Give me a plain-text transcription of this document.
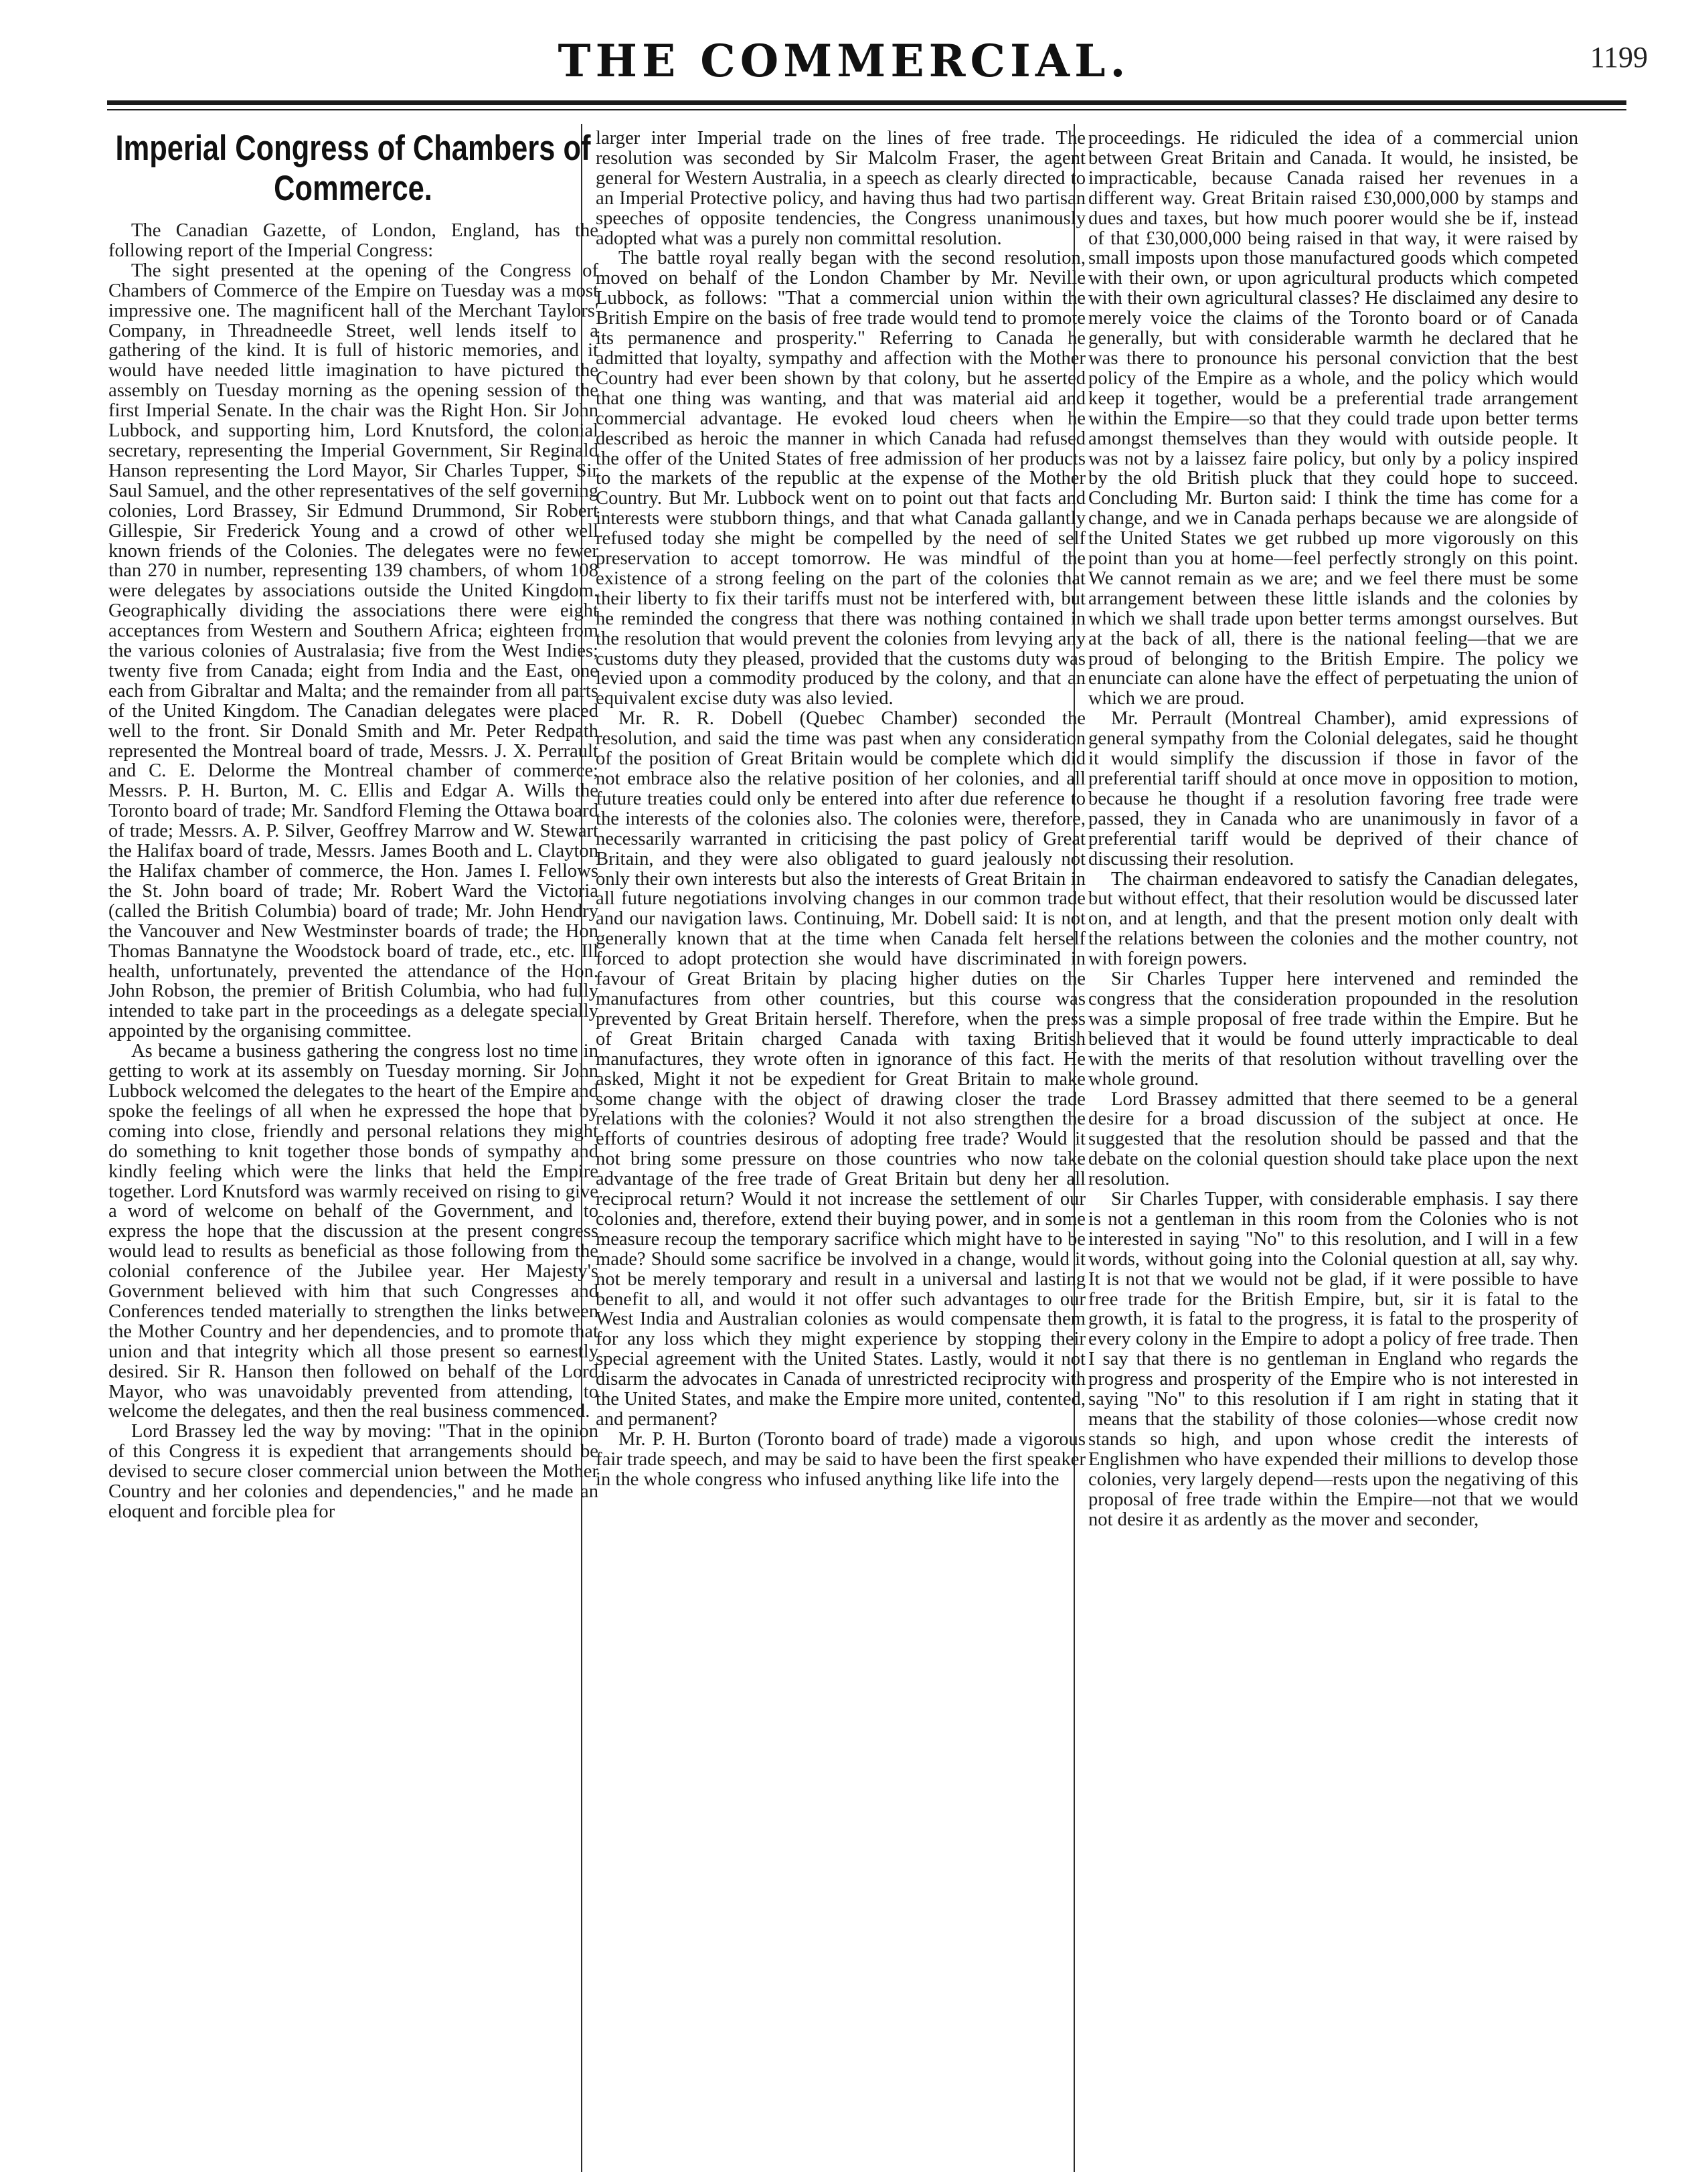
THE COMMERCIAL.	1199
Imperial Congress of Chambers of Commerce.

The Canadian Gazette, of London, England, has the following report of the Imperial Congress:

The sight presented at the opening of the Congress of Chambers of Commerce of the Empire on Tuesday was a most impressive one. The magnificent hall of the Merchant Taylors' Company, in Threadneedle Street, well lends itself to a gathering of the kind. It is full of historic memories, and it would have needed little imagination to have pictured the assembly on Tuesday morning as the opening session of the first Imperial Senate. In the chair was the Right Hon. Sir John Lubbock, and supporting him, Lord Knutsford, the colonial secretary, representing the Imperial Government, Sir Reginald Hanson representing the Lord Mayor, Sir Charles Tupper, Sir Saul Samuel, and the other representatives of the self governing colonies, Lord Brassey, Sir Edmund Drummond, Sir Robert Gillespie, Sir Frederick Young and a crowd of other well known friends of the Colonies. The delegates were no fewer than 270 in number, representing 139 chambers, of whom 108 were delegates by associations outside the United Kingdom. Geographically dividing the associations there were eight acceptances from Western and Southern Africa; eighteen from the various colonies of Australasia; five from the West Indies; twenty five from Canada; eight from India and the East, one each from Gibraltar and Malta; and the remainder from all parts of the United Kingdom. The Canadian delegates were placed well to the front. Sir Donald Smith and Mr. Peter Redpath represented the Montreal board of trade, Messrs. J. X. Perrault and C. E. Delorme the Montreal chamber of commerce; Messrs. P. H. Burton, M. C. Ellis and Edgar A. Wills the Toronto board of trade; Mr. Sandford Fleming the Ottawa board of trade; Messrs. A. P. Silver, Geoffrey Marrow and W. Stewart the Halifax board of trade, Messrs. James Booth and L. Clayton the Halifax chamber of commerce, the Hon. James I. Fellows the St. John board of trade; Mr. Robert Ward the Victoria (called the British Columbia) board of trade; Mr. John Hendry the Vancouver and New Westminster boards of trade; the Hon Thomas Bannatyne the Woodstock board of trade, etc., etc. Ill health, unfortunately, prevented the attendance of the Hon. John Robson, the premier of British Columbia, who had fully intended to take part in the proceedings as a delegate specially appointed by the organising committee.

As became a business gathering the congress lost no time in getting to work at its assembly on Tuesday morning. Sir John Lubbock welcomed the delegates to the heart of the Empire and spoke the feelings of all when he expressed the hope that by coming into close, friendly and personal relations they might do something to knit together those bonds of sympathy and kindly feeling which were the links that held the Empire together. Lord Knutsford was warmly received on rising to give a word of welcome on behalf of the Government, and to express the hope that the discussion at the present congress would lead to results as beneficial as those following from the colonial conference of the Jubilee year. Her Majesty's Government believed with him that such Congresses and Conferences tended materially to strengthen the links between the Mother Country and her dependencies, and to promote that union and that integrity which all those present so earnestly desired. Sir R. Hanson then followed on behalf of the Lord Mayor, who was unavoidably prevented from attending, to welcome the delegates, and then the real business commenced.

Lord Brassey led the way by moving: "That in the opinion of this Congress it is expedient that arrangements should be devised to secure closer commercial union between the Mother Country and her colonies and dependencies," and he made an eloquent and forcible plea for

larger inter Imperial trade on the lines of free trade. The resolution was seconded by Sir Malcolm Fraser, the agent general for Western Australia, in a speech as clearly directed to an Imperial Protective policy, and having thus had two partisan speeches of opposite tendencies, the Congress unanimously adopted what was a purely non committal resolution.

The battle royal really began with the second resolution, moved on behalf of the London Chamber by Mr. Neville Lubbock, as follows: "That a commercial union within the British Empire on the basis of free trade would tend to promote its permanence and prosperity." Referring to Canada he admitted that loyalty, sympathy and affection with the Mother Country had ever been shown by that colony, but he asserted that one thing was wanting, and that was material aid and commercial advantage. He evoked loud cheers when he described as heroic the manner in which Canada had refused the offer of the United States of free admission of her products to the markets of the republic at the expense of the Mother Country. But Mr. Lubbock went on to point out that facts and interests were stubborn things, and that what Canada gallantly refused today she might be compelled by the need of self preservation to accept tomorrow. He was mindful of the existence of a strong feeling on the part of the colonies that their liberty to fix their tariffs must not be interfered with, but he reminded the congress that there was nothing contained in the resolution that would prevent the colonies from levying any customs duty they pleased, provided that the customs duty was levied upon a commodity produced by the colony, and that an equivalent excise duty was also levied.

Mr. R. R. Dobell (Quebec Chamber) seconded the resolution, and said the time was past when any consideration of the position of Great Britain would be complete which did not embrace also the relative position of her colonies, and all future treaties could only be entered into after due reference to the interests of the colonies also. The colonies were, therefore, necessarily warranted in criticising the past policy of Great Britain, and they were also obligated to guard jealously not only their own interests but also the interests of Great Britain in all future negotiations involving changes in our common trade and our navigation laws. Continuing, Mr. Dobell said: It is not generally known that at the time when Canada felt herself forced to adopt protection she would have discriminated in favour of Great Britain by placing higher duties on the manufactures from other countries, but this course was prevented by Great Britain herself. Therefore, when the press of Great Britain charged Canada with taxing British manufactures, they wrote often in ignorance of this fact. He asked, Might it not be expedient for Great Britain to make some change with the object of drawing closer the trade relations with the colonies? Would it not also strengthen the efforts of countries desirous of adopting free trade? Would it not bring some pressure on those countries who now take advantage of the free trade of Great Britain but deny her all reciprocal return? Would it not increase the settlement of our colonies and, therefore, extend their buying power, and in some measure recoup the temporary sacrifice which might have to be made? Should some sacrifice be involved in a change, would it not be merely temporary and result in a universal and lasting benefit to all, and would it not offer such advantages to our West India and Australian colonies as would compensate them for any loss which they might experience by stopping their special agreement with the United States. Lastly, would it not disarm the advocates in Canada of unrestricted reciprocity with the United States, and make the Empire more united, contented, and permanent?

Mr. P. H. Burton (Toronto board of trade) made a vigorous fair trade speech, and may be said to have been the first speaker in the whole congress who infused anything like life into the

proceedings. He ridiculed the idea of a commercial union between Great Britain and Canada. It would, he insisted, be impracticable, because Canada raised her revenues in a different way. Great Britain raised £30,000,000 by stamps and dues and taxes, but how much poorer would she be if, instead of that £30,000,000 being raised in that way, it were raised by small imposts upon those manufactured goods which competed with their own, or upon agricultural products which competed with their own agricultural classes? He disclaimed any desire to merely voice the claims of the Toronto board or of Canada generally, but with considerable warmth he declared that he was there to pronounce his personal conviction that the best policy of the Empire as a whole, and the policy which would keep it together, would be a preferential trade arrangement within the Empire—so that they could trade upon better terms amongst themselves than they would with outside people. It was not by a laissez faire policy, but only by a policy inspired by the old British pluck that they could hope to succeed. Concluding Mr. Burton said: I think the time has come for a change, and we in Canada perhaps because we are alongside of the United States we get rubbed up more vigorously on this point than you at home—feel perfectly strongly on this point. We cannot remain as we are; and we feel there must be some arrangement between these little islands and the colonies by which we shall trade upon better terms amongst ourselves. But at the back of all, there is the national feeling—that we are proud of belonging to the British Empire. The policy we enunciate can alone have the effect of perpetuating the union of which we are proud.

Mr. Perrault (Montreal Chamber), amid expressions of general sympathy from the Colonial delegates, said he thought it would simplify the discussion if those in favor of the preferential tariff should at once move in opposition to motion, because he thought if a resolution favoring free trade were passed, they in Canada who are unanimously in favor of a preferential tariff would be deprived of their chance of discussing their resolution.

The chairman endeavored to satisfy the Canadian delegates, but without effect, that their resolution would be discussed later on, and at length, and that the present motion only dealt with the relations between the colonies and the mother country, not with foreign powers.

Sir Charles Tupper here intervened and reminded the congress that the consideration propounded in the resolution was a simple proposal of free trade within the Empire. But he believed that it would be found utterly impracticable to deal with the merits of that resolution without travelling over the whole ground.

Lord Brassey admitted that there seemed to be a general desire for a broad discussion of the subject at once. He suggested that the resolution should be passed and that the debate on the colonial question should take place upon the next resolution.

Sir Charles Tupper, with considerable emphasis. I say there is not a gentleman in this room from the Colonies who is not interested in saying "No" to this resolution, and I will in a few words, without going into the Colonial question at all, say why. It is not that we would not be glad, if it were possible to have free trade for the British Empire, but, sir it is fatal to the growth, it is fatal to the progress, it is fatal to the prosperity of every colony in the Empire to adopt a policy of free trade. Then I say that there is no gentleman in England who regards the progress and prosperity of the Empire who is not interested in saying "No" to this resolution if I am right in stating that it means that the stability of those colonies—whose credit now stands so high, and upon whose credit the interests of Englishmen who have expended their millions to develop those colonies, very largely depend—rests upon the negativing of this proposal of free trade within the Empire—not that we would not desire it as ardently as the mover and seconder,
